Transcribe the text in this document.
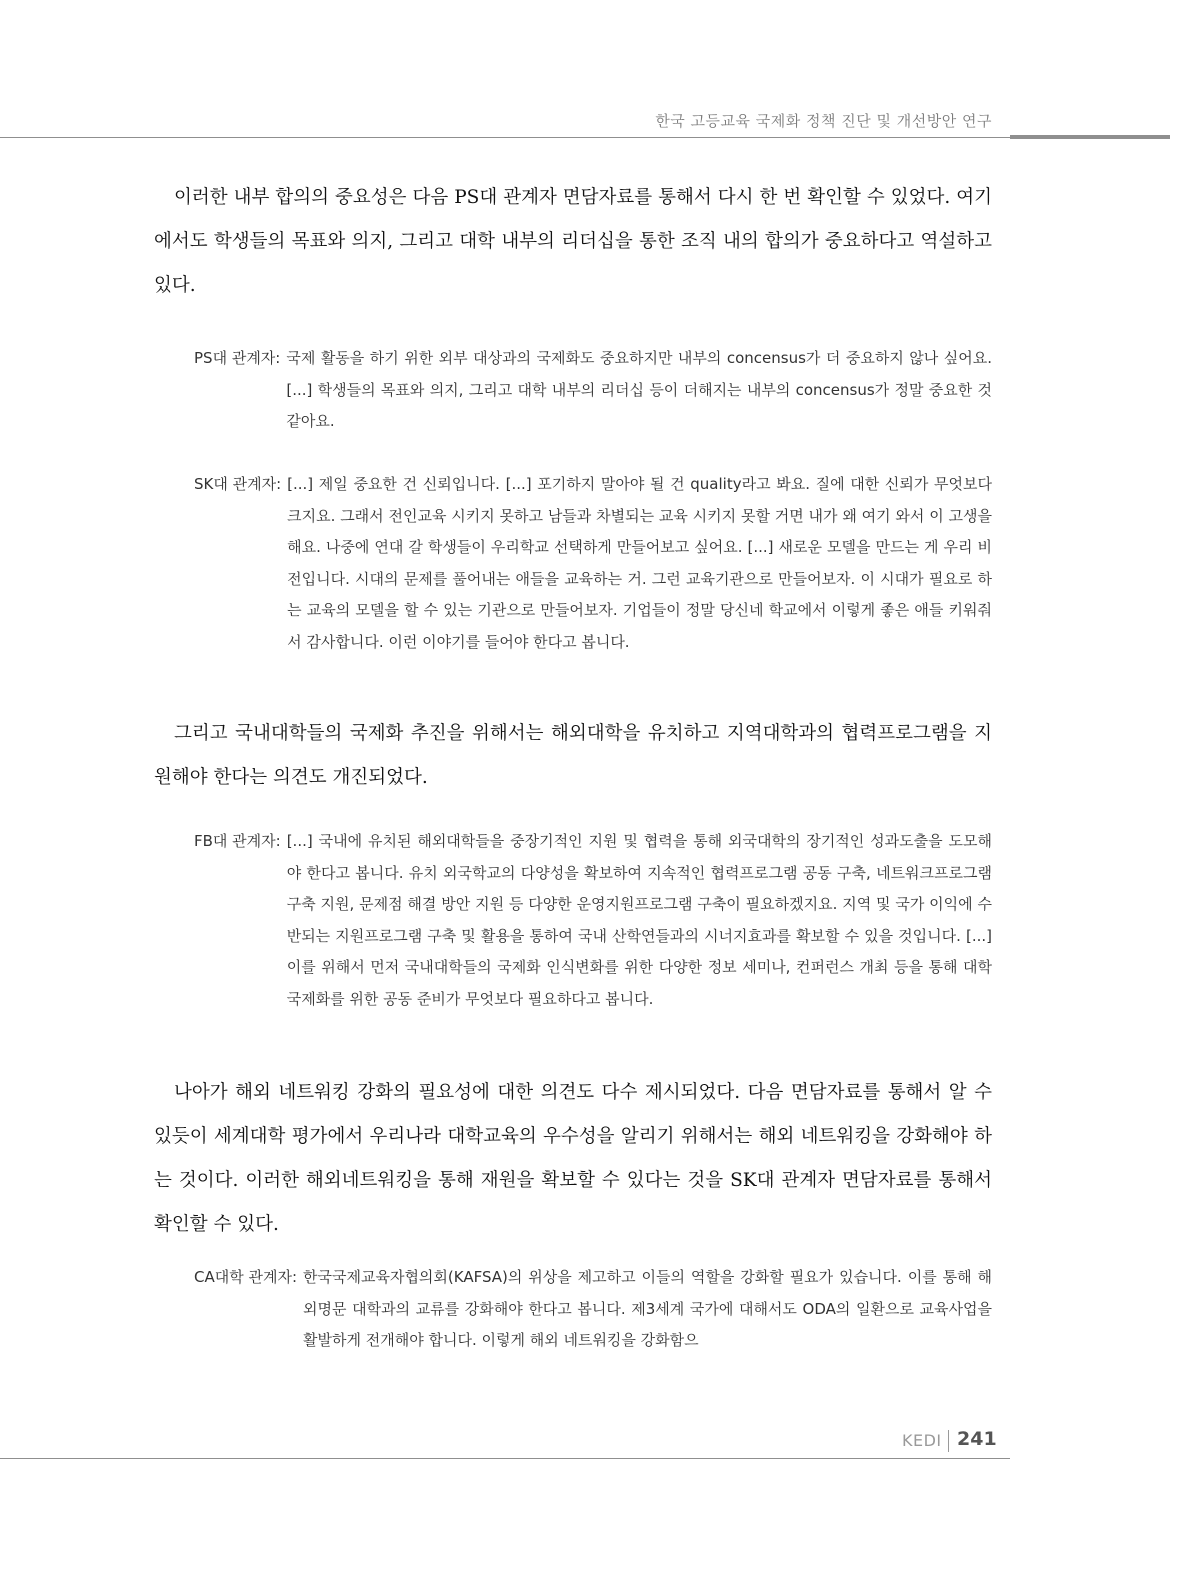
한국 고등교육 국제화 정책 진단 및 개선방안 연구

이러한 내부 합의의 중요성은 다음 PS대 관계자 면담자료를 통해서 다시 한 번 확인할 수 있었다. 여기에서도 학생들의 목표와 의지, 그리고 대학 내부의 리더십을 통한 조직 내의 합의가 중요하다고 역설하고 있다.

PS대 관계자: 국제 활동을 하기 위한 외부 대상과의 국제화도 중요하지만 내부의 concensus가 더 중요하지 않나 싶어요. [...] 학생들의 목표와 의지, 그리고 대학 내부의 리더십 등이 더해지는 내부의 concensus가 정말 중요한 것 같아요.
SK대 관계자: [...] 제일 중요한 건 신뢰입니다. [...] 포기하지 말아야 될 건 quality라고 봐요. 질에 대한 신뢰가 무엇보다 크지요. 그래서 전인교육 시키지 못하고 남들과 차별되는 교육 시키지 못할 거면 내가 왜 여기 와서 이 고생을 해요. 나중에 연대 갈 학생들이 우리학교 선택하게 만들어보고 싶어요. [...] 새로운 모델을 만드는 게 우리 비전입니다. 시대의 문제를 풀어내는 애들을 교육하는 거. 그런 교육기관으로 만들어보자. 이 시대가 필요로 하는 교육의 모델을 할 수 있는 기관으로 만들어보자. 기업들이 정말 당신네 학교에서 이렇게 좋은 애들 키워줘서 감사합니다. 이런 이야기를 들어야 한다고 봅니다.

그리고 국내대학들의 국제화 추진을 위해서는 해외대학을 유치하고 지역대학과의 협력프로그램을 지원해야 한다는 의견도 개진되었다.

FB대 관계자: [...] 국내에 유치된 해외대학들을 중장기적인 지원 및 협력을 통해 외국대학의 장기적인 성과도출을 도모해야 한다고 봅니다. 유치 외국학교의 다양성을 확보하여 지속적인 협력프로그램 공동 구축, 네트워크프로그램 구축 지원, 문제점 해결 방안 지원 등 다양한 운영지원프로그램 구축이 필요하겠지요. 지역 및 국가 이익에 수반되는 지원프로그램 구축 및 활용을 통하여 국내 산학연들과의 시너지효과를 확보할 수 있을 것입니다. [...] 이를 위해서 먼저 국내대학들의 국제화 인식변화를 위한 다양한 정보 세미나, 컨퍼런스 개최 등을 통해 대학국제화를 위한 공동 준비가 무엇보다 필요하다고 봅니다.

나아가 해외 네트워킹 강화의 필요성에 대한 의견도 다수 제시되었다. 다음 면담자료를 통해서 알 수 있듯이 세계대학 평가에서 우리나라 대학교육의 우수성을 알리기 위해서는 해외 네트워킹을 강화해야 하는 것이다. 이러한 해외네트워킹을 통해 재원을 확보할 수 있다는 것을 SK대 관계자 면담자료를 통해서 확인할 수 있다.

CA대학 관계자: 한국국제교육자협의회(KAFSA)의 위상을 제고하고 이들의 역할을 강화할 필요가 있습니다. 이를 통해 해외명문 대학과의 교류를 강화해야 한다고 봅니다. 제3세계 국가에 대해서도 ODA의 일환으로 교육사업을 활발하게 전개해야 합니다. 이렇게 해외 네트워킹을 강화함으
KEDI 241
